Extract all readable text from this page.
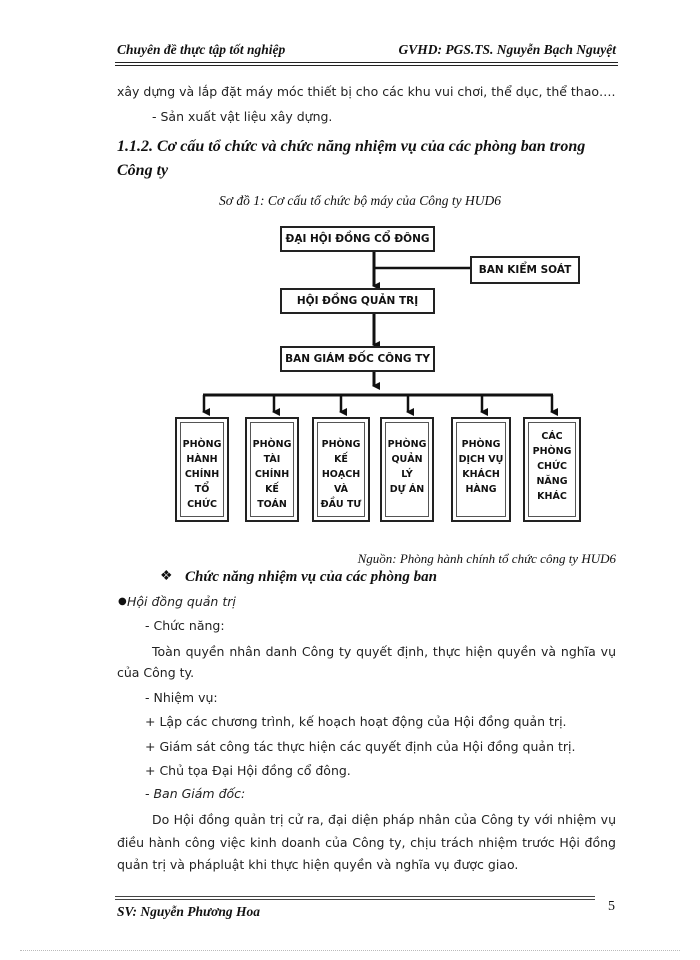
Chuyên đề thực tập tốt nghiệp	GVHD: PGS.TS. Nguyễn Bạch Nguyệt
xây dựng và lắp đặt máy móc thiết bị cho các khu vui chơi, thể dục, thể thao….
- Sản xuất vật liệu xây dựng.
1.1.2. Cơ cấu tổ chức và chức năng nhiệm vụ của các phòng ban trong
Công ty
Sơ đồ 1: Cơ cấu tổ chức bộ máy của Công ty HUD6
ĐẠI HỘI ĐỒNG CỔ ĐÔNG
BAN KIỂM SOÁT
HỘI ĐỒNG QUẢN TRỊ
BAN GIÁM ĐỐC CÔNG TY
PHÒNG
HÀNH
CHÍNH TỔ
CHỨC
PHÒNG
TÀI
CHÍNH KẾ
TOÁN
PHÒNG
KẾ HOẠCH
VÀ
ĐẦU TƯ
PHÒNG
QUẢN LÝ
DỰ ÁN
PHÒNG
DỊCH VỤ
KHÁCH
HÀNG
CÁC
PHÒNG
CHỨC
NĂNG
KHÁC
Nguồn: Phòng hành chính tổ chức công ty HUD6
❖ Chức năng nhiệm vụ của các phòng ban
● Hội đồng quản trị
- Chức năng:
Toàn quyền nhân danh Công ty quyết định, thực hiện quyền và nghĩa vụ
của Công ty.
- Nhiệm vụ:
+ Lập các chương trình, kế hoạch hoạt động của Hội đồng quản trị.
+ Giám sát công tác thực hiện các quyết định của Hội đồng quản trị.
+ Chủ tọa Đại Hội đồng cổ đông.
- Ban Giám đốc:
Do Hội đồng quản trị cử ra, đại diện pháp nhân của Công ty với nhiệm vụ
điều hành công việc kinh doanh của Công ty, chịu trách nhiệm trước Hội đồng
quản trị và phápluật khi thực hiện quyền và nghĩa vụ được giao.
SV: Nguyễn Phương Hoa	5
